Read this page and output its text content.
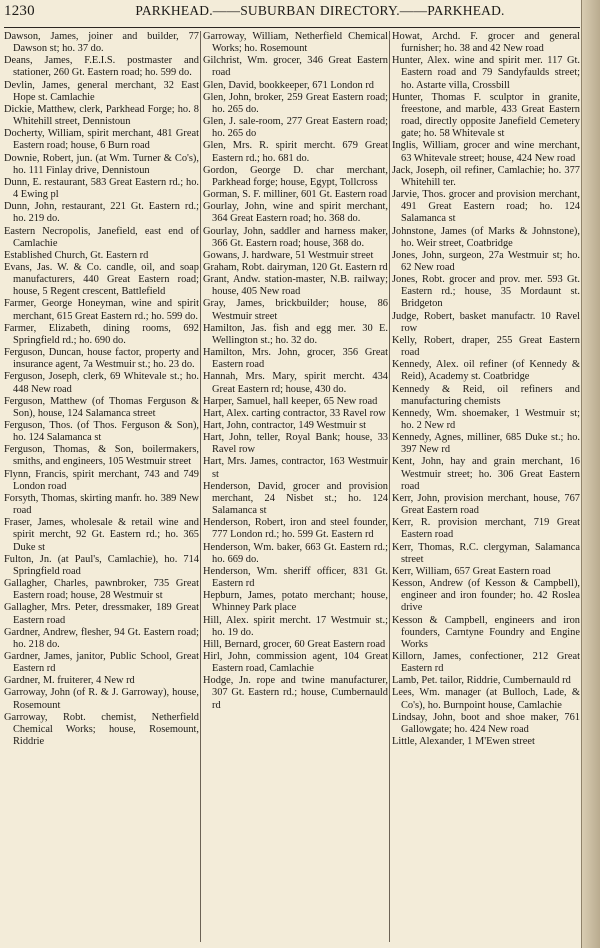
1230	PARKHEAD.——SUBURBAN DIRECTORY.——PARKHEAD.
Dawson, James, joiner and builder, 77 Dawson st; ho. 37 do.
Deans, James, F.E.I.S. postmaster and stationer, 260 Gt. Eastern road; ho. 599 do.
Devlin, James, general merchant, 32 East Hope st. Camlachie
Dickie, Matthew, clerk, Parkhead Forge; ho. 8 Whitehill street, Dennistoun
Docherty, William, spirit merchant, 481 Great Eastern road; house, 6 Burn road
Downie, Robert, jun. (at Wm. Turner & Co's), ho. 111 Finlay drive, Dennistoun
Dunn, E. restaurant, 583 Great Eastern rd.; ho. 4 Ewing pl
Dunn, John, restaurant, 221 Gt. Eastern rd.; ho. 219 do.
Eastern Necropolis, Janefield, east end of Camlachie
Established Church, Gt. Eastern rd
Evans, Jas. W. & Co. candle, oil, and soap manufacturers, 440 Great Eastern road; house, 5 Regent crescent, Battlefield
Farmer, George Honeyman, wine and spirit merchant, 615 Great Eastern rd.; ho. 599 do.
Farmer, Elizabeth, dining rooms, 692 Springfield rd.; ho. 690 do.
Ferguson, Duncan, house factor, property and insurance agent, 7a Westmuir st.; ho. 23 do.
Ferguson, Joseph, clerk, 69 Whitevale st.; ho. 448 New road
Ferguson, Matthew (of Thomas Ferguson & Son), house, 124 Salamanca street
Ferguson, Thos. (of Thos. Ferguson & Son), ho. 124 Salamanca st
Ferguson, Thomas, & Son, boilermakers, smiths, and engineers, 105 Westmuir street
Flynn, Francis, spirit merchant, 743 and 749 London road
Forsyth, Thomas, skirting manfr. ho. 389 New road
Fraser, James, wholesale & retail wine and spirit mercht, 92 Gt. Eastern rd.; ho. 365 Duke st
Fulton, Jn. (at Paul's, Camlachie), ho. 714 Springfield road
Gallagher, Charles, pawnbroker, 735 Great Eastern road; house, 28 Westmuir st
Gallagher, Mrs. Peter, dressmaker, 189 Great Eastern road
Gardner, Andrew, flesher, 94 Gt. Eastern road; ho. 218 do.
Gardner, James, janitor, Public School, Great Eastern rd
Gardner, M. fruiterer, 4 New rd
Garroway, John (of R. & J. Garroway), house, Rosemount
Garroway, Robt. chemist, Netherfield Chemical Works; house, Rosemount, Riddrie
Garroway, William, Netherfield Chemical Works; ho. Rosemount
Gilchrist, Wm. grocer, 346 Great Eastern road
Glen, David, bookkeeper, 671 London rd
Glen, John, broker, 259 Great Eastern road; ho. 265 do.
Glen, J. sale-room, 277 Great Eastern road; ho. 265 do
Glen, Mrs. R. spirit mercht. 679 Great Eastern rd.; ho. 681 do.
Gordon, George D. char merchant, Parkhead forge; house, Egypt, Tollcross
Gorman, S. F. milliner, 601 Gt. Eastern road
Gourlay, John, wine and spirit merchant, 364 Great Eastern road; ho. 368 do.
Gourlay, John, saddler and harness maker, 366 Gt. Eastern road; house, 368 do.
Gowans, J. hardware, 51 Westmuir street
Graham, Robt. dairyman, 120 Gt. Eastern rd
Grant, Andw. station-master, N.B. railway; house, 405 New road
Gray, James, brickbuilder; house, 86 Westmuir street
Hamilton, Jas. fish and egg mer. 30 E. Wellington st.; ho. 32 do.
Hamilton, Mrs. John, grocer, 356 Great Eastern road
Hannah, Mrs. Mary, spirit mercht. 434 Great Eastern rd; house, 430 do.
Harper, Samuel, hall keeper, 65 New road
Hart, Alex. carting contractor, 33 Ravel row
Hart, John, contractor, 149 Westmuir st
Hart, John, teller, Royal Bank; house, 33 Ravel row
Hart, Mrs. James, contractor, 163 Westmuir st
Henderson, David, grocer and provision merchant, 24 Nisbet st.; ho. 124 Salamanca st
Henderson, Robert, iron and steel founder, 777 London rd.; ho. 599 Gt. Eastern rd
Henderson, Wm. baker, 663 Gt. Eastern rd.; ho. 669 do.
Henderson, Wm. sheriff officer, 831 Gt. Eastern rd
Hepburn, James, potato merchant; house, Whinney Park place
Hill, Alex. spirit mercht. 17 Westmuir st.; ho. 19 do.
Hill, Bernard, grocer, 60 Great Eastern road
Hirl, John, commission agent, 104 Great Eastern road, Camlachie
Hodge, Jn. rope and twine manufacturer, 307 Gt. Eastern rd.; house, Cumbernauld rd
Howat, Archd. F. grocer and general furnisher; ho. 38 and 42 New road
Hunter, Alex. wine and spirit mer. 117 Gt. Eastern road and 79 Sandyfaulds street; ho. Astarte villa, Crossbill
Hunter, Thomas F. sculptor in granite, freestone, and marble, 433 Great Eastern road, directly opposite Janefield Cemetery gate; ho. 58 Whitevale st
Inglis, William, grocer and wine merchant, 63 Whitevale street; house, 424 New road
Jack, Joseph, oil refiner, Camlachie; ho. 377 Whitehill ter.
Jarvie, Thos. grocer and provision merchant, 491 Great Eastern road; ho. 124 Salamanca st
Johnstone, James (of Marks & Johnstone), ho. Weir street, Coatbridge
Jones, John, surgeon, 27a Westmuir st; ho. 62 New road
Jones, Robt. grocer and prov. mer. 593 Gt. Eastern rd.; house, 35 Mordaunt st. Bridgeton
Judge, Robert, basket manufactr. 10 Ravel row
Kelly, Robert, draper, 255 Great Eastern road
Kennedy, Alex. oil refiner (of Kennedy & Reid), Academy st. Coatbridge
Kennedy & Reid, oil refiners and manufacturing chemists
Kennedy, Wm. shoemaker, 1 Westmuir st; ho. 2 New rd
Kennedy, Agnes, milliner, 685 Duke st.; ho. 397 New rd
Kent, John, hay and grain merchant, 16 Westmuir street; ho. 306 Great Eastern road
Kerr, John, provision merchant, house, 767 Great Eastern road
Kerr, R. provision merchant, 719 Great Eastern road
Kerr, Thomas, R.C. clergyman, Salamanca street
Kerr, William, 657 Great Eastern road
Kesson, Andrew (of Kesson & Campbell), engineer and iron founder; ho. 42 Roslea drive
Kesson & Campbell, engineers and iron founders, Carntyne Foundry and Engine Works
Killorn, James, confectioner, 212 Great Eastern rd
Lamb, Pet. tailor, Riddrie, Cumbernauld rd
Lees, Wm. manager (at Bulloch, Lade, & Co's), ho. Burnpoint house, Camlachie
Lindsay, John, boot and shoe maker, 761 Gallowgate; ho. 424 New road
Little, Alexander, 1 M'Ewen street
